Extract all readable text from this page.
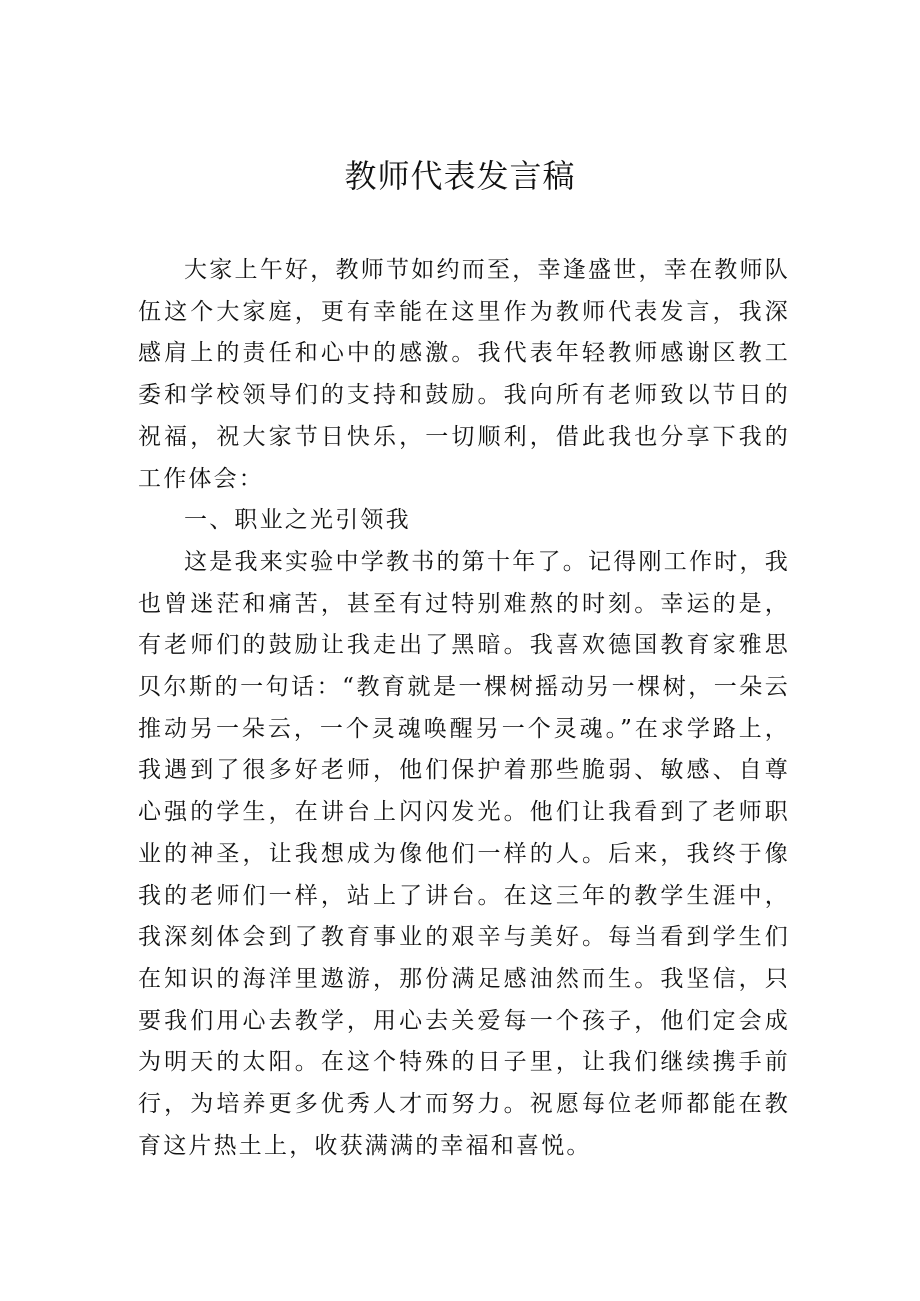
教师代表发言稿

大家上午好，教师节如约而至，幸逢盛世，幸在教师队伍这个大家庭，更有幸能在这里作为教师代表发言，我深感肩上的责任和心中的感激。我代表年轻教师感谢区教工委和学校领导们的支持和鼓励。我向所有老师致以节日的祝福，祝大家节日快乐，一切顺利，借此我也分享下我的工作体会：

一、职业之光引领我

这是我来实验中学教书的第十年了。记得刚工作时，我也曾迷茫和痛苦，甚至有过特别难熬的时刻。幸运的是，有老师们的鼓励让我走出了黑暗。我喜欢德国教育家雅思贝尔斯的一句话：“教育就是一棵树摇动另一棵树，一朵云推动另一朵云，一个灵魂唤醒另一个灵魂。”在求学路上，我遇到了很多好老师，他们保护着那些脆弱、敏感、自尊心强的学生，在讲台上闪闪发光。他们让我看到了老师职业的神圣，让我想成为像他们一样的人。后来，我终于像我的老师们一样，站上了讲台。在这三年的教学生涯中，我深刻体会到了教育事业的艰辛与美好。每当看到学生们在知识的海洋里遨游，那份满足感油然而生。我坚信，只要我们用心去教学，用心去关爱每一个孩子，他们定会成为明天的太阳。在这个特殊的日子里，让我们继续携手前行，为培养更多优秀人才而努力。祝愿每位老师都能在教育这片热土上，收获满满的幸福和喜悦。
